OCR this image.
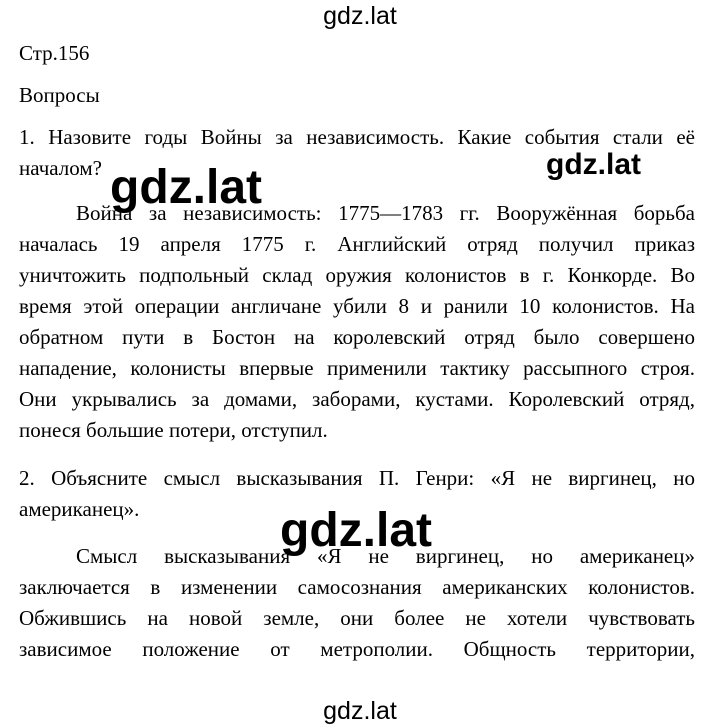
gdz.lat
gdz.lat	gdz.lat
gdz.lat
gdz.lat
Стр.156
Вопросы
1. Назовите годы Войны за независимость. Какие события стали её
началом?
Война за независимость: 1775—1783 гг. Вооружённая борьба
началась 19 апреля 1775 г. Английский отряд получил приказ
уничтожить подпольный склад оружия колонистов в г. Конкорде. Во
время этой операции англичане убили 8 и ранили 10 колонистов. На
обратном пути в Бостон на королевский отряд было совершено
нападение, колонисты впервые применили тактику рассыпного строя.
Они укрывались за домами, заборами, кустами. Королевский отряд,
понеся большие потери, отступил.
2. Объясните смысл высказывания П. Генри: «Я не виргинец, но
американец».
Смысл высказывания «Я не виргинец, но американец»
заключается в изменении самосознания американских колонистов.
Обжившись на новой земле, они более не хотели чувствовать
зависимое положение от метрополии. Общность территории,
